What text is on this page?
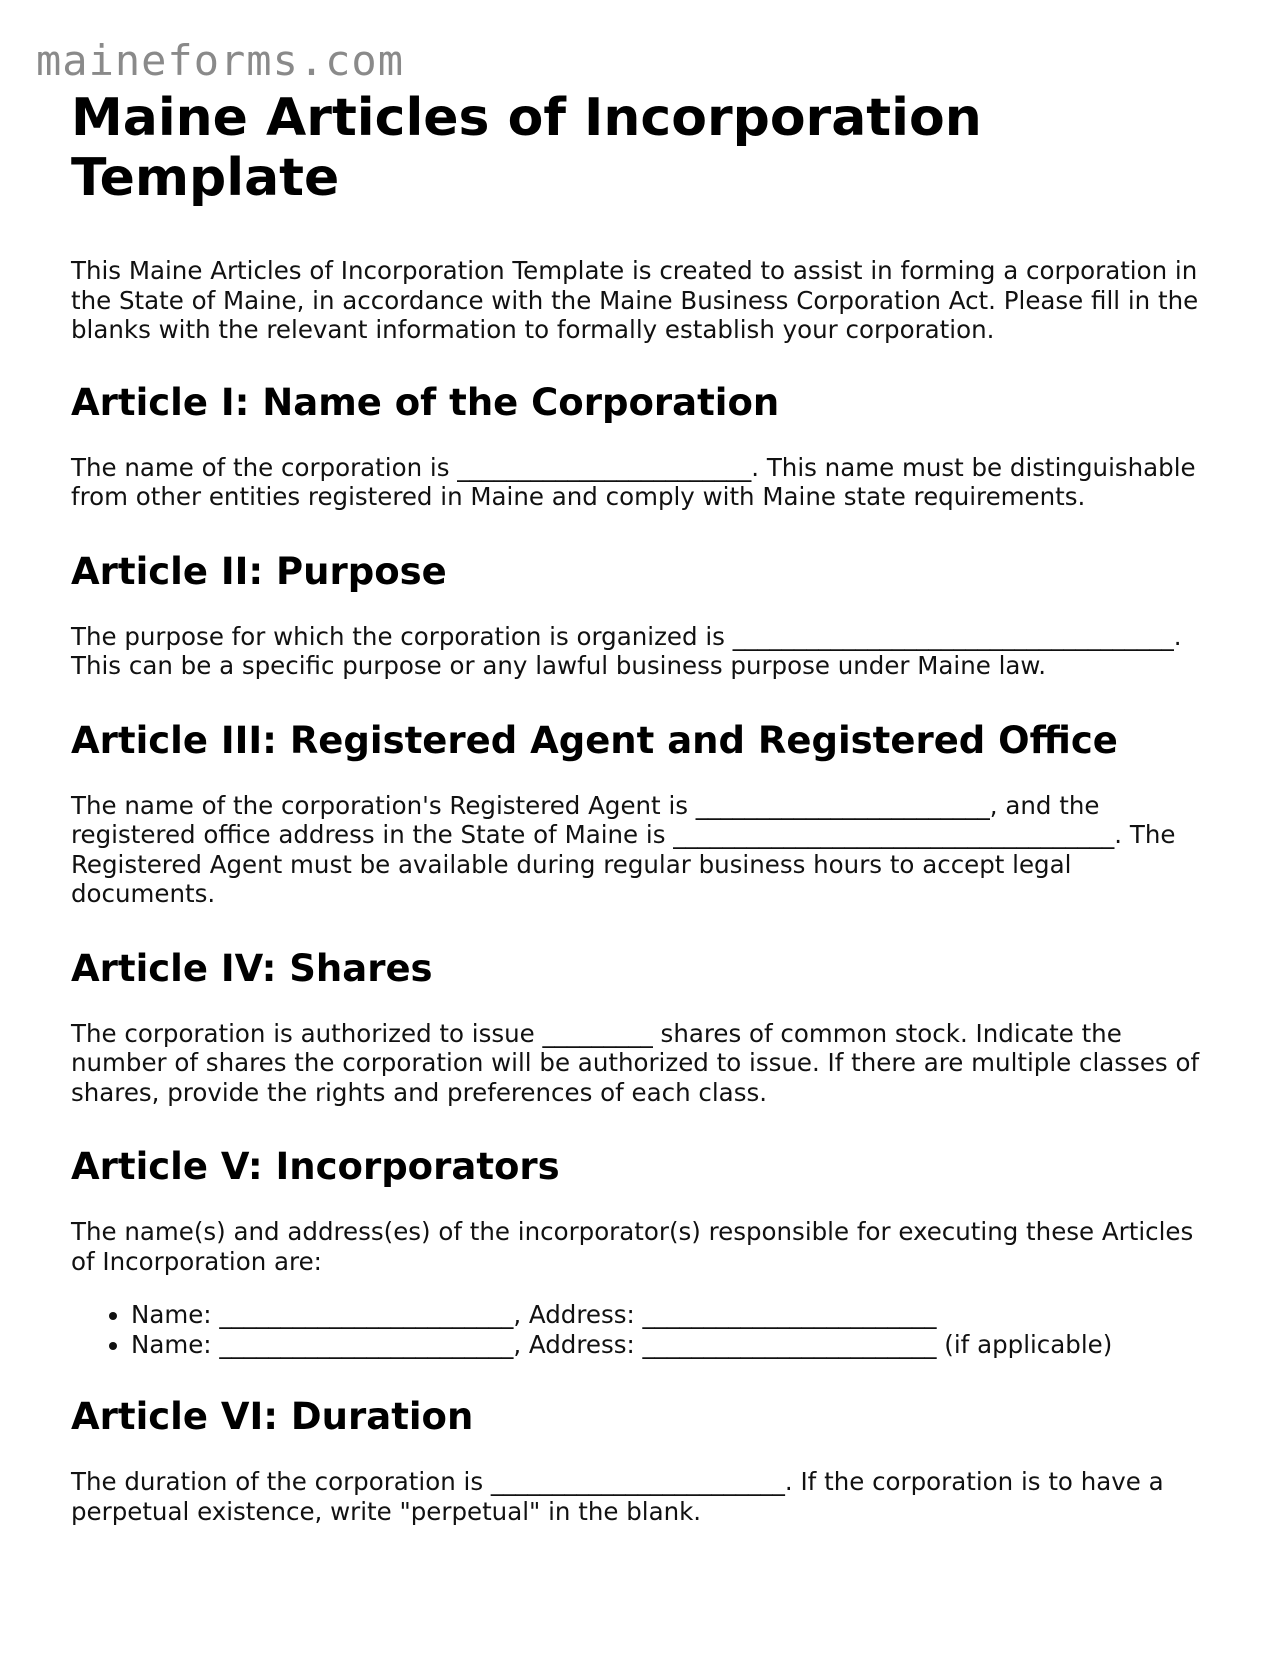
maineforms.com
Maine Articles of Incorporation Template

This Maine Articles of Incorporation Template is created to assist in forming a corporation in the State of Maine, in accordance with the Maine Business Corporation Act. Please fill in the blanks with the relevant information to formally establish your corporation.

Article I: Name of the Corporation

The name of the corporation is ________________________. This name must be distinguishable from other entities registered in Maine and comply with Maine state requirements.

Article II: Purpose

The purpose for which the corporation is organized is ____________________________________. This can be a specific purpose or any lawful business purpose under Maine law.

Article III: Registered Agent and Registered Office

The name of the corporation's Registered Agent is ________________________, and the registered office address in the State of Maine is ____________________________________. The Registered Agent must be available during regular business hours to accept legal documents.

Article IV: Shares

The corporation is authorized to issue _________ shares of common stock. Indicate the number of shares the corporation will be authorized to issue. If there are multiple classes of shares, provide the rights and preferences of each class.

Article V: Incorporators

The name(s) and address(es) of the incorporator(s) responsible for executing these Articles of Incorporation are:

• Name: ________________________, Address: ________________________
• Name: ________________________, Address: ________________________ (if applicable)
Article VI: Duration

The duration of the corporation is ________________________. If the corporation is to have a perpetual existence, write "perpetual" in the blank.
